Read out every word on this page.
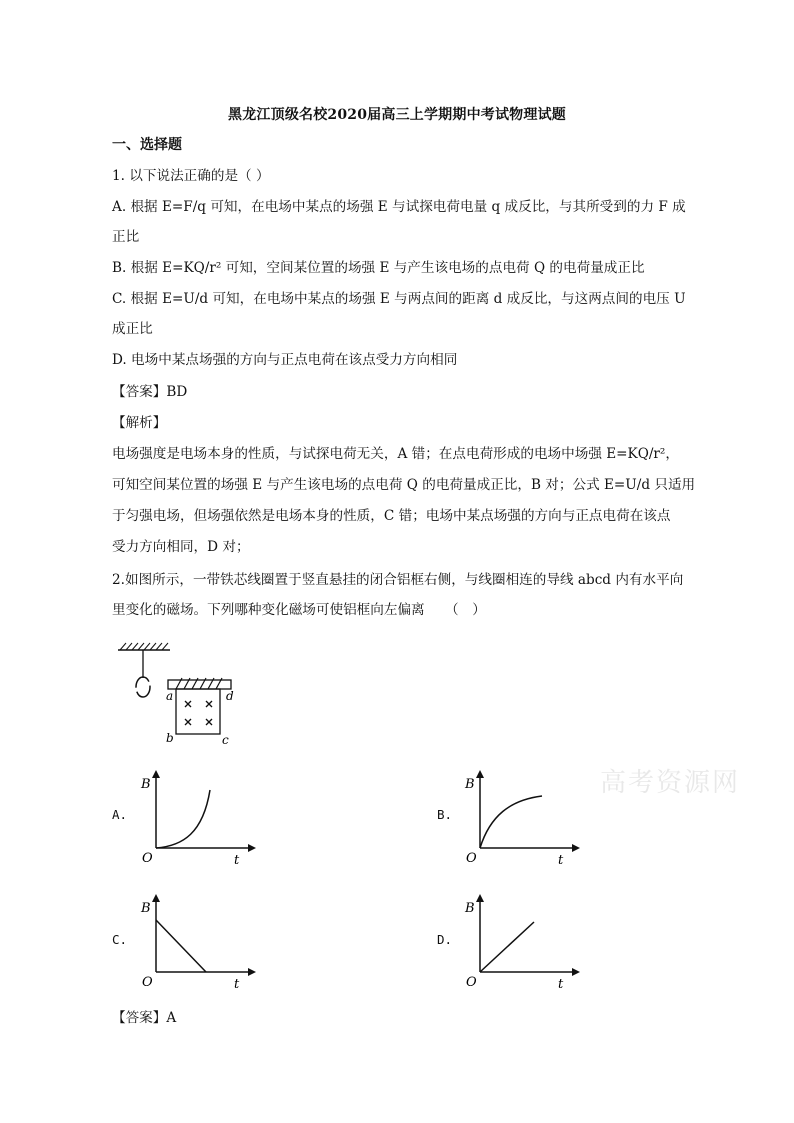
黑龙江顶级名校2020届高三上学期期中考试物理试题
一、选择题
1. 以下说法正确的是（ ）
A. 根据 E=F/q 可知，在电场中某点的场强 E 与试探电荷电量 q 成反比，与其所受到的力 F 成
正比
B. 根据 E=KQ/r² 可知，空间某位置的场强 E 与产生该电场的点电荷 Q 的电荷量成正比
C. 根据 E=U/d 可知，在电场中某点的场强 E 与两点间的距离 d 成反比，与这两点间的电压 U
成正比
D. 电场中某点场强的方向与正点电荷在该点受力方向相同
【答案】BD
【解析】
电场强度是电场本身的性质，与试探电荷无关，A 错；在点电荷形成的电场中场强 E=KQ/r²，
可知空间某位置的场强 E 与产生该电场的点电荷 Q 的电荷量成正比，B 对；公式 E=U/d 只适用
于匀强电场，但场强依然是电场本身的性质，C 错；电场中某点场强的方向与正点电荷在该点
受力方向相同，D 对；
2.如图所示，一带铁芯线圈置于竖直悬挂的闭合铝框右侧，与线圈相连的导线 abcd 内有水平向
里变化的磁场。下列哪种变化磁场可使铝框向左偏离　　（　）
a	d
b	c
高考资源网
A.
B
O	t
B.
B
O	t
C.
B
O	t
D.
B
O	t
【答案】A
